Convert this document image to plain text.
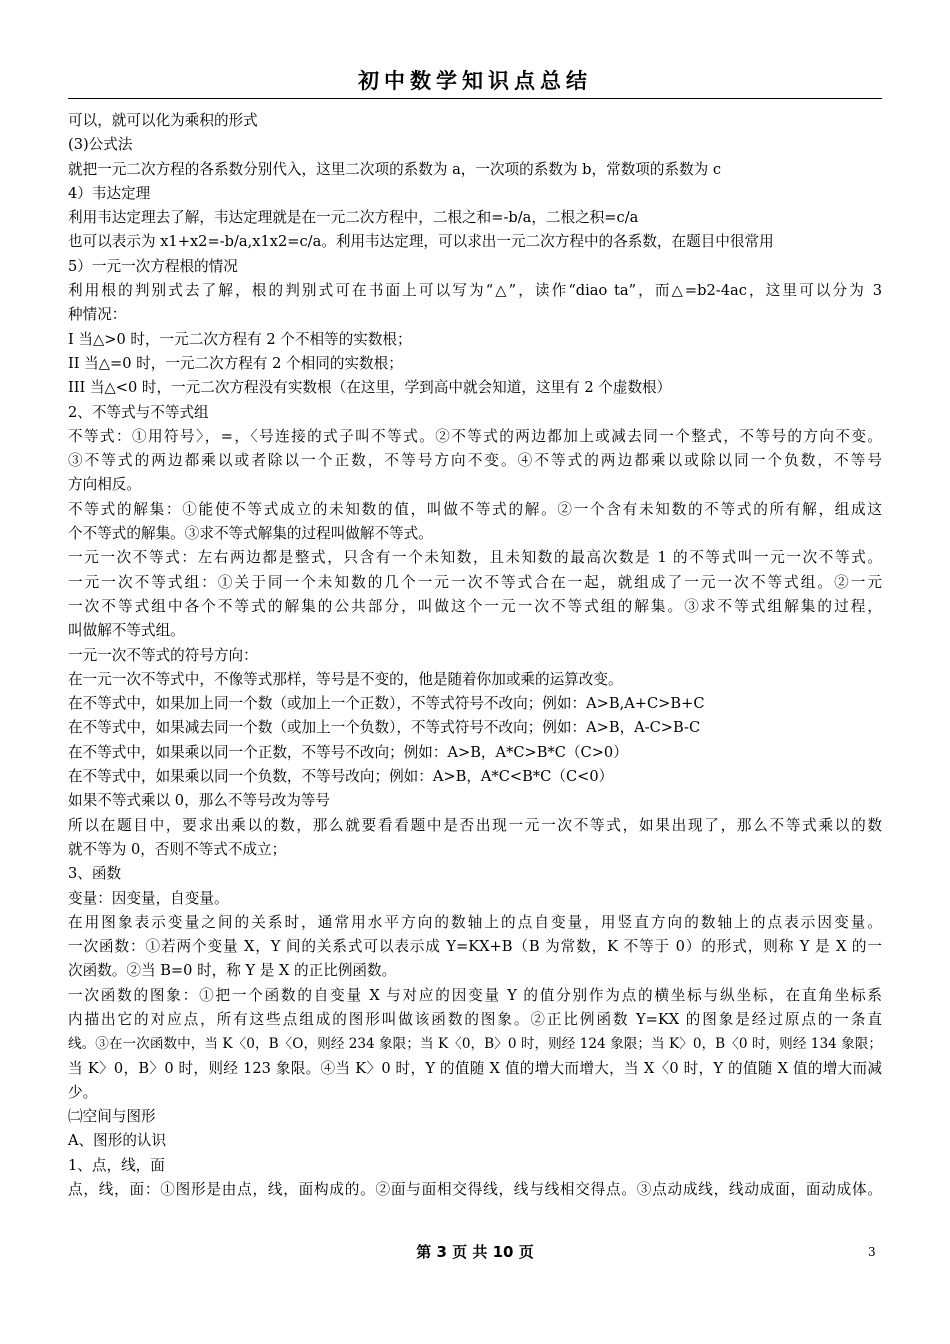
初中数学知识点总结
可以，就可以化为乘积的形式
(3)公式法
就把一元二次方程的各系数分别代入，这里二次项的系数为 a，一次项的系数为 b，常数项的系数为 c
4）韦达定理
利用韦达定理去了解，韦达定理就是在一元二次方程中，二根之和=-b/a，二根之积=c/a
也可以表示为 x1+x2=-b/a,x1x2=c/a。利用韦达定理，可以求出一元二次方程中的各系数，在题目中很常用
5）一元一次方程根的情况
利用根的判别式去了解，根的判别式可在书面上可以写为“△”，读作“diao ta”，而△=b2-4ac，这里可以分为 3
种情况：
I 当△>0 时，一元二次方程有 2 个不相等的实数根；
II 当△=0 时，一元二次方程有 2 个相同的实数根；
III 当△<0 时，一元二次方程没有实数根（在这里，学到高中就会知道，这里有 2 个虚数根）
2、不等式与不等式组
不等式：①用符号〉，=，〈号连接的式子叫不等式。②不等式的两边都加上或减去同一个整式，不等号的方向不变。
③不等式的两边都乘以或者除以一个正数，不等号方向不变。④不等式的两边都乘以或除以同一个负数，不等号
方向相反。
不等式的解集：①能使不等式成立的未知数的值，叫做不等式的解。②一个含有未知数的不等式的所有解，组成这
个不等式的解集。③求不等式解集的过程叫做解不等式。
一元一次不等式：左右两边都是整式，只含有一个未知数，且未知数的最高次数是 1 的不等式叫一元一次不等式。
一元一次不等式组：①关于同一个未知数的几个一元一次不等式合在一起，就组成了一元一次不等式组。②一元
一次不等式组中各个不等式的解集的公共部分，叫做这个一元一次不等式组的解集。③求不等式组解集的过程，
叫做解不等式组。
一元一次不等式的符号方向：
在一元一次不等式中，不像等式那样，等号是不变的，他是随着你加或乘的运算改变。
在不等式中，如果加上同一个数（或加上一个正数），不等式符号不改向；例如：A>B,A+C>B+C
在不等式中，如果减去同一个数（或加上一个负数），不等式符号不改向；例如：A>B，A-C>B-C
在不等式中，如果乘以同一个正数，不等号不改向；例如：A>B，A*C>B*C（C>0）
在不等式中，如果乘以同一个负数，不等号改向；例如：A>B，A*C<B*C（C<0）
如果不等式乘以 0，那么不等号改为等号
所以在题目中，要求出乘以的数，那么就要看看题中是否出现一元一次不等式，如果出现了，那么不等式乘以的数
就不等为 0，否则不等式不成立；
3、函数
变量：因变量，自变量。
在用图象表示变量之间的关系时，通常用水平方向的数轴上的点自变量，用竖直方向的数轴上的点表示因变量。
一次函数：①若两个变量 X，Y 间的关系式可以表示成 Y=KX+B（B 为常数，K 不等于 0）的形式，则称 Y 是 X 的一
次函数。②当 B=0 时，称 Y 是 X 的正比例函数。
一次函数的图象：①把一个函数的自变量 X 与对应的因变量 Y 的值分别作为点的横坐标与纵坐标，在直角坐标系
内描出它的对应点，所有这些点组成的图形叫做该函数的图象。②正比例函数 Y=KX 的图象是经过原点的一条直
线。③在一次函数中，当 K〈0，B〈O，则经 234 象限；当 K〈0，B〉0 时，则经 124 象限；当 K〉0，B〈0 时，则经 134 象限；
当 K〉0，B〉0 时，则经 123 象限。④当 K〉0 时，Y 的值随 X 值的增大而增大，当 X〈0 时，Y 的值随 X 值的增大而减
少。
㈡空间与图形
A、图形的认识
1、点，线，面
点，线，面：①图形是由点，线，面构成的。②面与面相交得线，线与线相交得点。③点动成线，线动成面，面动成体。
第 3 页 共 10 页	3
